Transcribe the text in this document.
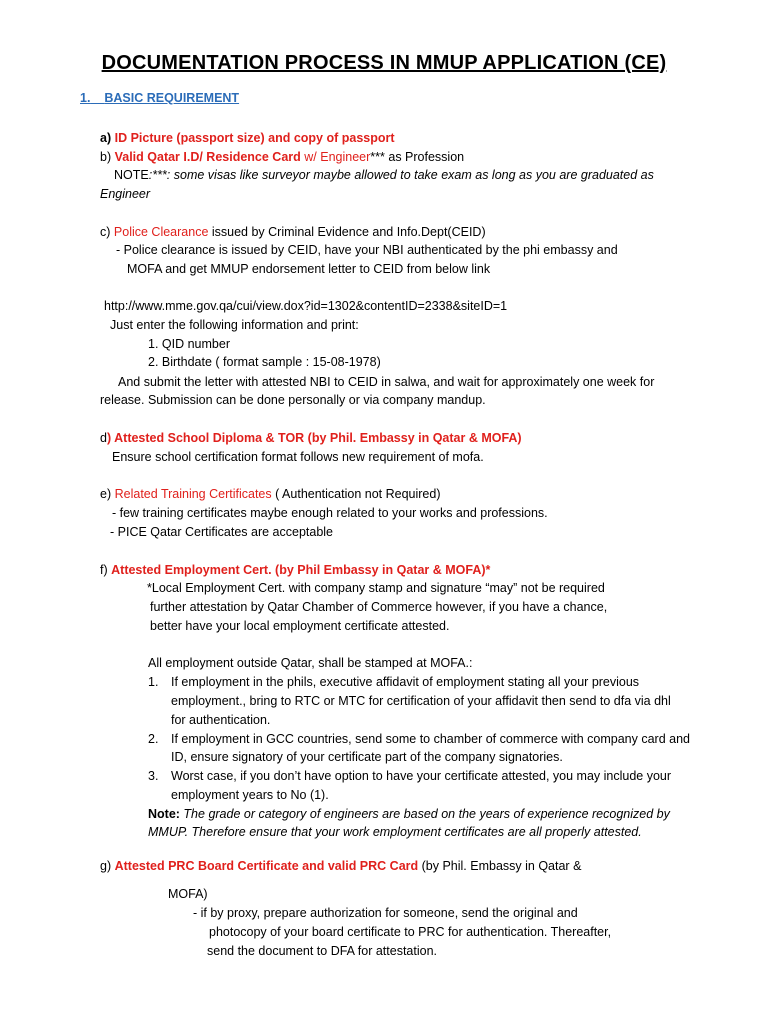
DOCUMENTATION PROCESS IN MMUP APPLICATION (CE)
1. BASIC REQUIREMENT
a) ID Picture (passport size) and copy of passport
b) Valid Qatar I.D/ Residence Card w/ Engineer*** as Profession
NOTE:***: some visas like surveyor maybe allowed to take exam as long as you are graduated as
Engineer
c) Police Clearance issued by Criminal Evidence and Info.Dept(CEID)
- Police clearance is issued by CEID, have your NBI authenticated by the phi embassy and
MOFA and get MMUP endorsement letter to CEID from below link
http://www.mme.gov.qa/cui/view.dox?id=1302&contentID=2338&siteID=1
Just enter the following information and print:
1. QID number
2. Birthdate ( format sample : 15-08-1978)
And submit the letter with attested NBI to CEID in salwa, and wait for approximately one week for
release. Submission can be done personally or via company mandup.
d) Attested School Diploma & TOR (by Phil. Embassy in Qatar & MOFA)
Ensure school certification format follows new requirement of mofa.
e) Related Training Certificates ( Authentication not Required)
- few training certificates maybe enough related to your works and professions.
- PICE Qatar Certificates are acceptable
f) Attested Employment Cert. (by Phil Embassy in Qatar & MOFA)*
*Local Employment Cert. with company stamp and signature “may” not be required
further attestation by Qatar Chamber of Commerce however, if you have a chance,
better have your local employment certificate attested.
All employment outside Qatar, shall be stamped at MOFA.:
1. If employment in the phils, executive affidavit of employment stating all your previous
employment., bring to RTC or MTC for certification of your affidavit then send to dfa via dhl
for authentication.
2. If employment in GCC countries, send some to chamber of commerce with company card and
ID, ensure signatory of your certificate part of the company signatories.
3. Worst case, if you don’t have option to have your certificate attested, you may include your
employment years to No (1).
Note: The grade or category of engineers are based on the years of experience recognized by
MMUP. Therefore ensure that your work employment certificates are all properly attested.
g) Attested PRC Board Certificate and valid PRC Card (by Phil. Embassy in Qatar &
MOFA)
- if by proxy, prepare authorization for someone, send the original and
photocopy of your board certificate to PRC for authentication. Thereafter,
send the document to DFA for attestation.
